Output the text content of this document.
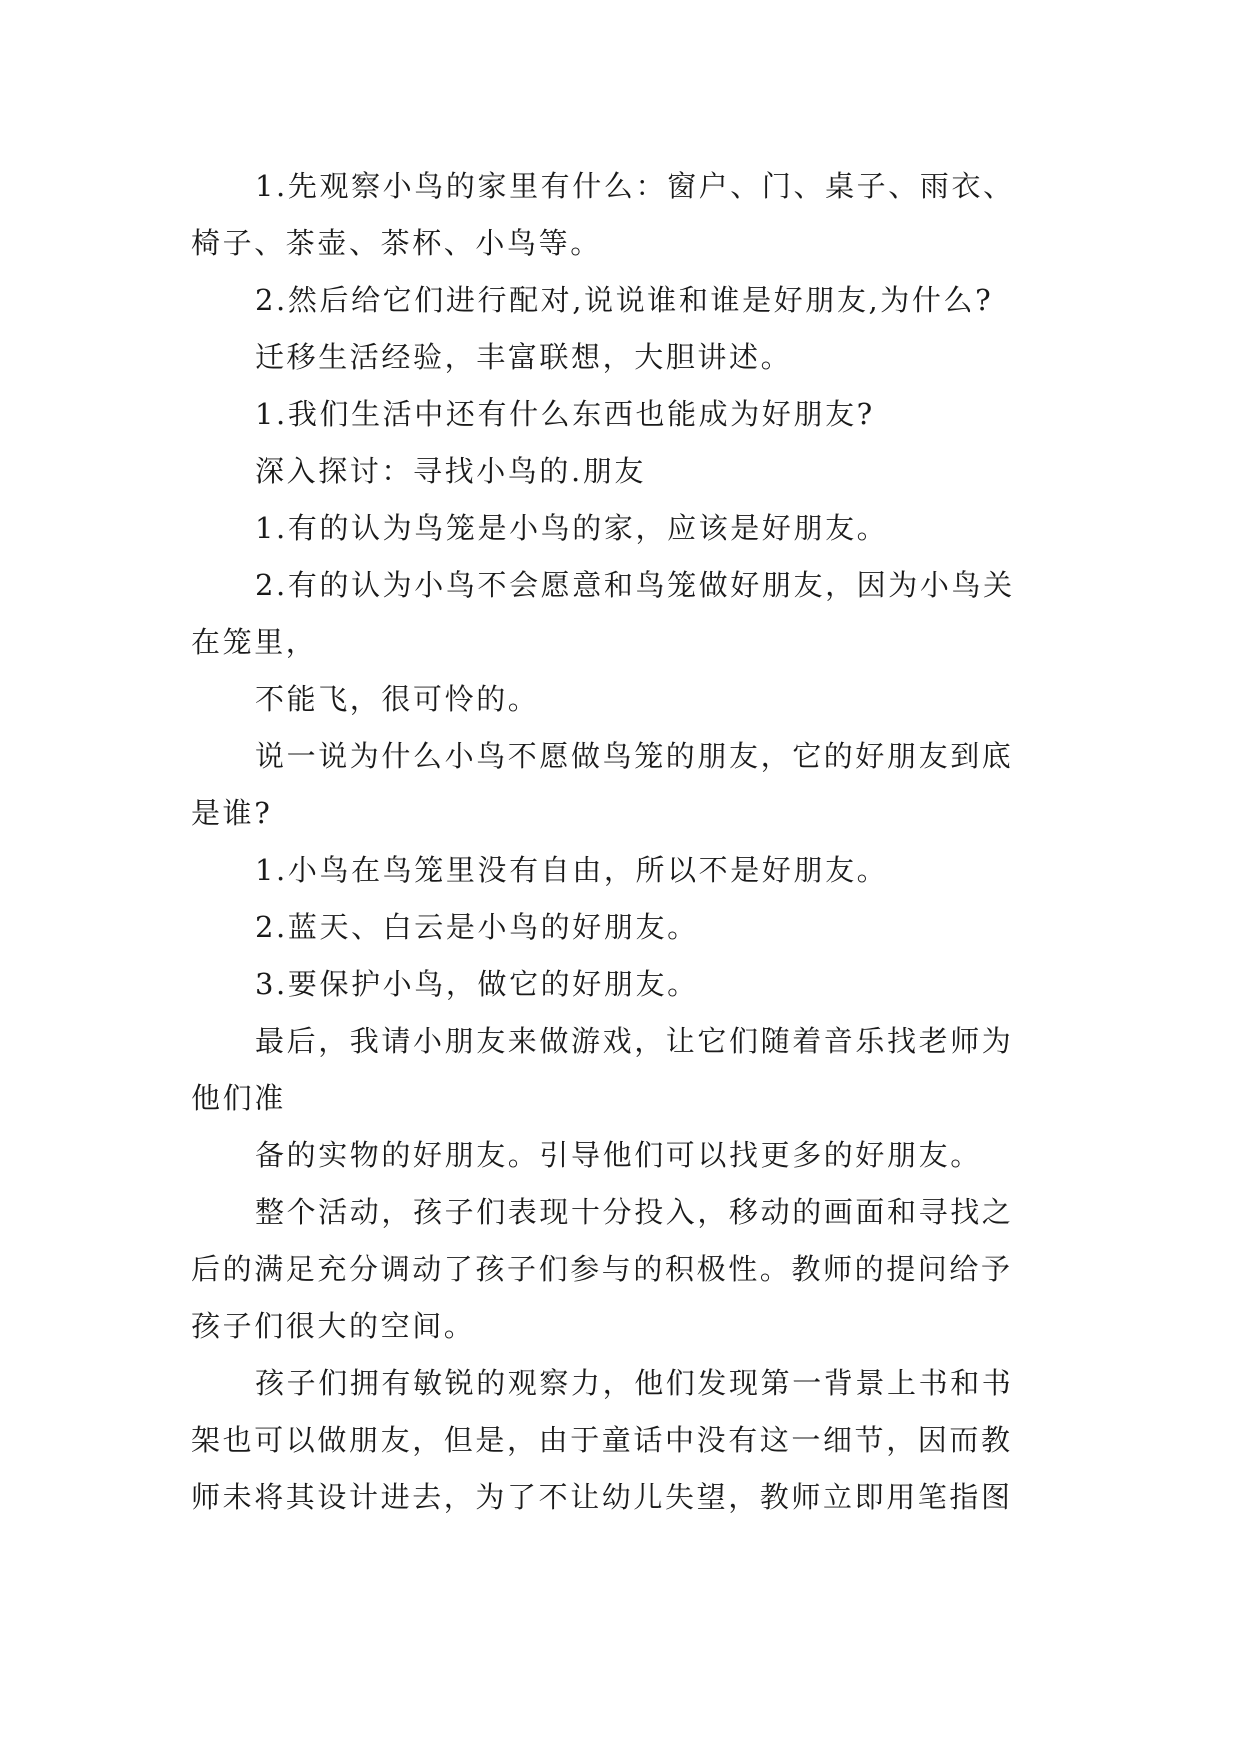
1.先观察小鸟的家里有什么：窗户、门、桌子、雨衣、
椅子、茶壶、茶杯、小鸟等。
2.然后给它们进行配对,说说谁和谁是好朋友,为什么?
迁移生活经验，丰富联想，大胆讲述。
1.我们生活中还有什么东西也能成为好朋友?
深入探讨：寻找小鸟的.朋友
1.有的认为鸟笼是小鸟的家，应该是好朋友。
2.有的认为小鸟不会愿意和鸟笼做好朋友，因为小鸟关
在笼里，
不能飞，很可怜的。
说一说为什么小鸟不愿做鸟笼的朋友，它的好朋友到底
是谁?
1.小鸟在鸟笼里没有自由，所以不是好朋友。
2.蓝天、白云是小鸟的好朋友。
3.要保护小鸟，做它的好朋友。
最后，我请小朋友来做游戏，让它们随着音乐找老师为
他们准
备的实物的好朋友。引导他们可以找更多的好朋友。
整个活动，孩子们表现十分投入，移动的画面和寻找之
后的满足充分调动了孩子们参与的积极性。教师的提问给予
孩子们很大的空间。
孩子们拥有敏锐的观察力，他们发现第一背景上书和书
架也可以做朋友，但是，由于童话中没有这一细节，因而教
师未将其设计进去，为了不让幼儿失望，教师立即用笔指图
